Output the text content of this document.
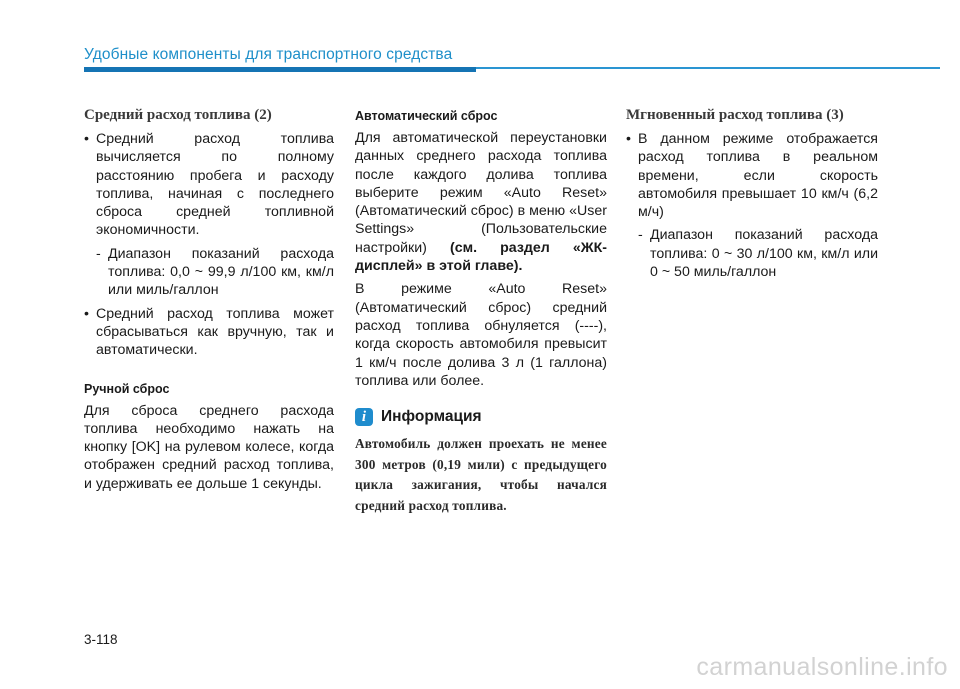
Удобные компоненты для транспортного средства
Средний расход топлива (2)
• Средний расход топлива вычисляется по полному расстоянию пробега и расходу топлива, начиная с последнего сброса средней топливной экономичности.
- Диапазон показаний расхода топлива: 0,0 ~ 99,9 л/100 км, км/л или миль/галлон
• Средний расход топлива может сбрасываться как вручную, так и автоматически.
Ручной сброс

Для сброса среднего расхода топлива необходимо нажать на кнопку [OK] на рулевом колесе, когда отображен средний расход топлива, и удерживать ее дольше 1 секунды.

Автоматический сброс

Для автоматической переустановки данных среднего расхода топлива после каждого долива топлива выберите режим «Auto Reset» (Автоматический сброс) в меню «User Settings» (Пользовательские настройки) (см. раздел «ЖК-дисплей» в этой главе).

В режиме «Auto Reset» (Автоматический сброс) средний расход топлива обнуляется (----), когда скорость автомобиля превысит 1 км/ч после долива 3 л (1 галлона) топлива или более.

i Информация
Автомобиль должен проехать не менее 300 метров (0,19 мили) с предыдущего цикла зажигания, чтобы начался средний расход топлива.
Мгновенный расход топлива (3)
• В данном режиме отображается расход топлива в реальном времени, если скорость автомобиля превышает 10 км/ч (6,2 м/ч)
- Диапазон показаний расхода топлива: 0 ~ 30 л/100 км, км/л или 0 ~ 50 миль/галлон
3-118
carmanualsonline.info
